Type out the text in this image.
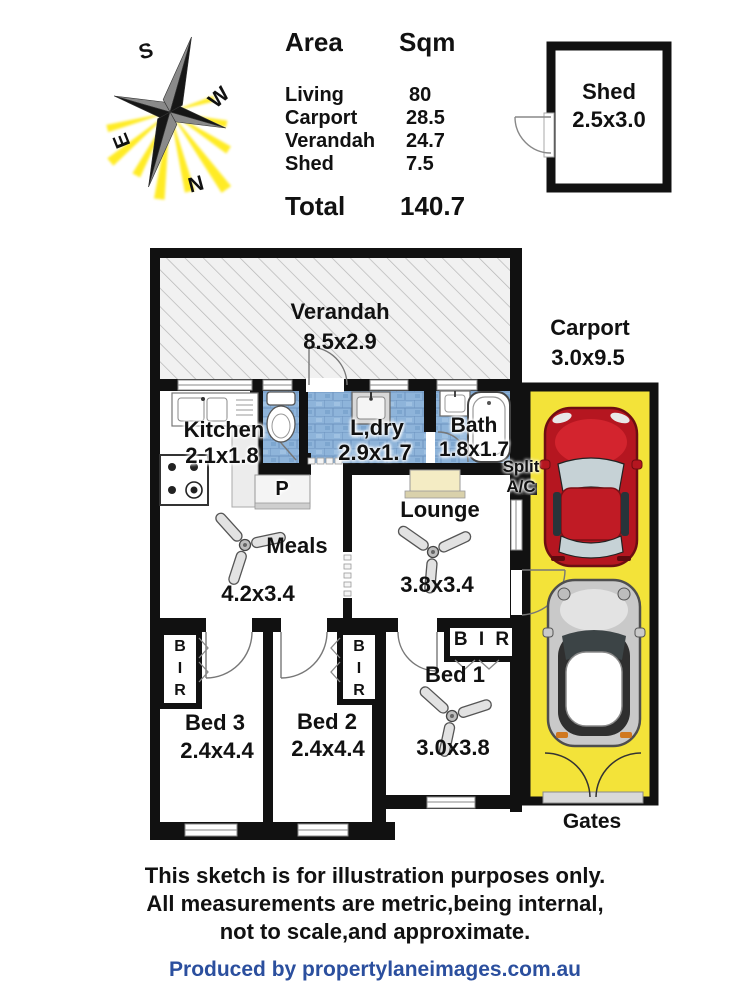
S
W
E
N
Area Sqm
Living	80
Carport 28.5
Verandah 24.7
Shed	7.5
Total 140.7
Shed
2.5x3.0
Verandah
8.5x2.9
Carport
3.0x9.5
Kitchen
2.1x1.8
L,dry
2.9x1.7
Bath
1.8x1.7
P
Split A/C
Meals
4.2x3.4
Lounge
3.8x3.4
Bed 3
2.4x4.4
Bed 2
2.4x4.4
Bed 1
3.0x3.8
B I R
B I R
B I R
Gates
This sketch is for illustration purposes only.
All measurements are metric,being internal,
not to scale,and approximate.
Produced by propertylaneimages.com.au
